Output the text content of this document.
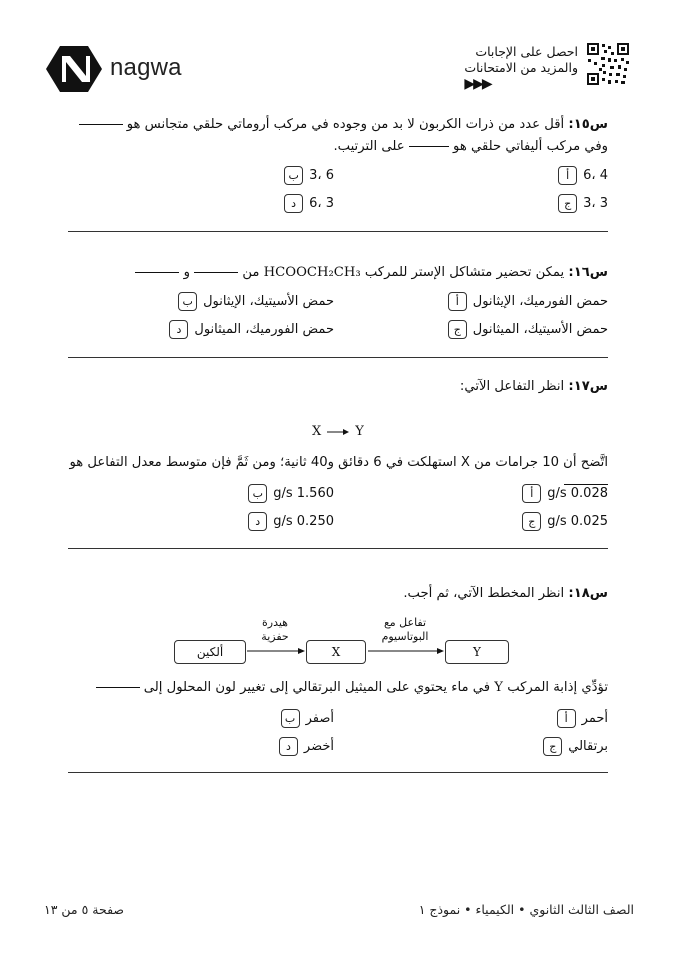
nagwa
احصل على الإجابات
والمزيد من الامتحانات
▶▶▶
س١٥: أقل عدد من ذرات الكربون لا بد من وجوده في مركب أروماتي حلقي متجانس هو  وفي مركب أليفاتي حلقي هو  على الترتيب.
أ	4 ،6
ب 6 ،3
ج 3 ،3
د	3 ،6
س١٦: يمكن تحضير متشاكل الإستر للمركب HCOOCH₂CH₃ من  و
أ	حمض الفورميك، الإيثانول
ب حمض الأسيتيك، الإيثانول
ج حمض الأسيتيك، الميثانول
د	حمض الفورميك، الميثانول
س١٧: انظر التفاعل الآتي:
X → Y
اتَّضح أن 10 جرامات من X استهلكت في 6 دقائق و40 ثانية؛ ومن ثَمَّ فإن متوسط معدل التفاعل هو
أ	0.028 g/s
ب 1.560 g/s
ج 0.025 g/s
د	0.250 g/s
س١٨: انظر المخطط الآتي، ثم أجب.
ألكين	X	Y
هيدرة
حفزية
تفاعل مع
البوتاسيوم
تؤدِّي إذابة المركب Y في ماء يحتوي على الميثيل البرتقالي إلى تغيير لون المحلول إلى
أ	أحمر
ب أصفر
ج برتقالي
د	أخضر
صفحة ٥ من ١٣	الصف الثالث الثانوي • الكيمياء • نموذج ١
